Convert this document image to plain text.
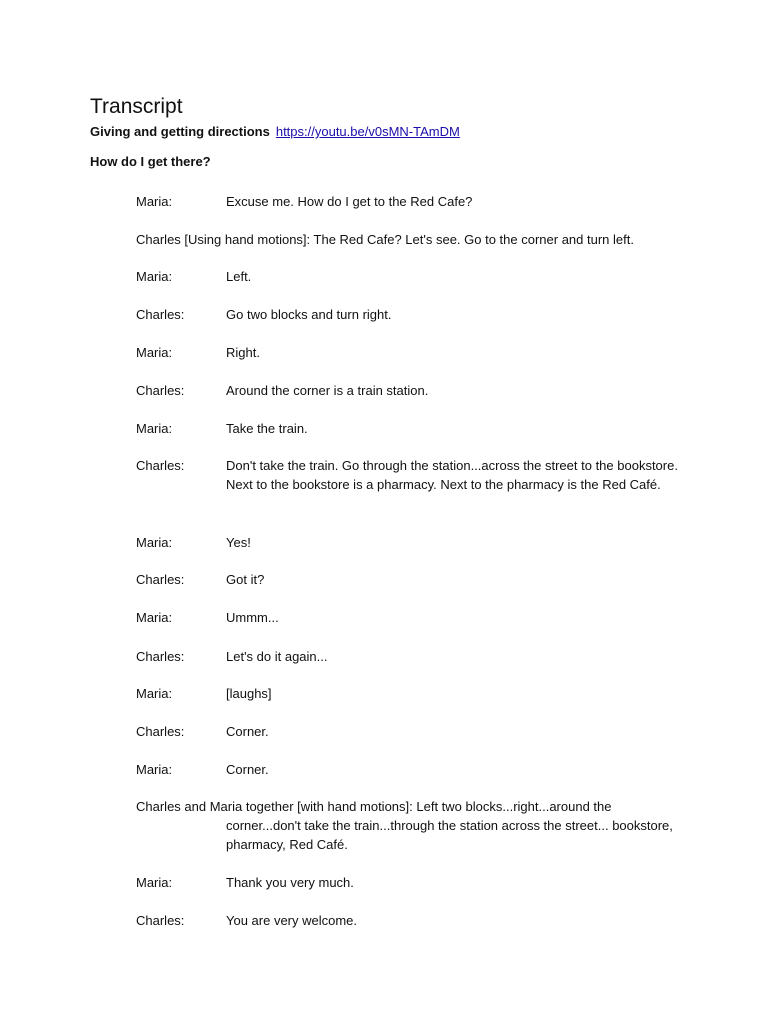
Transcript
Giving and getting directions https://youtu.be/v0sMN-TAmDM
How do I get there?
Maria:	Excuse me. How do I get to the Red Cafe?
Charles [Using hand motions]: The Red Cafe? Let's see. Go to the corner and turn left.
Maria:	Left.
Charles:	Go two blocks and turn right.
Maria:	Right.
Charles:	Around the corner is a train station.
Maria:	Take the train.
Charles:	Don't take the train. Go through the station...across the street to the bookstore. Next to the bookstore is a pharmacy. Next to the pharmacy is the Red Café.
Maria:	Yes!
Charles:	Got it?
Maria:	Ummm...
Charles:	Let's do it again...
Maria:	[laughs]
Charles:	Corner.
Maria:	Corner.
Charles and Maria together [with hand motions]: Left two blocks...right...around the
corner...don't take the train...through the station across the street... bookstore, pharmacy, Red Café.
Maria:	Thank you very much.
Charles:	You are very welcome.
